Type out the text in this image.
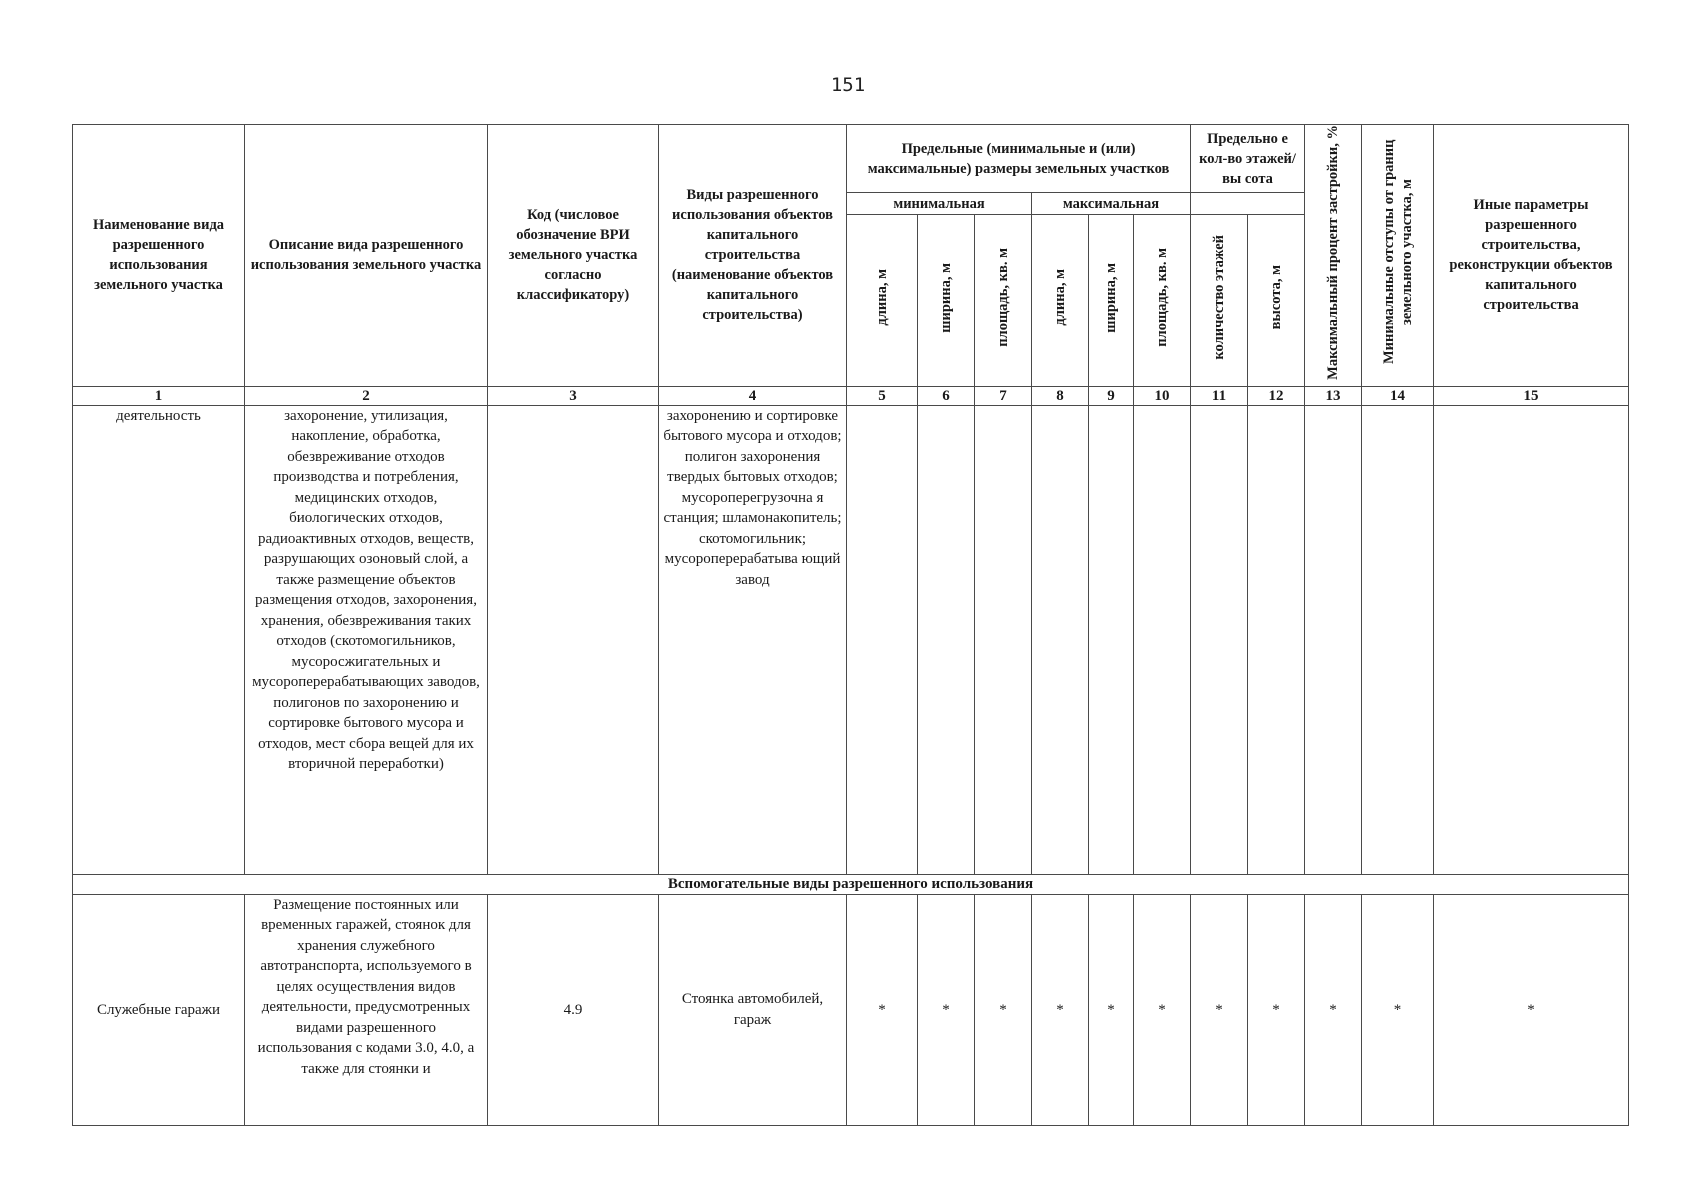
151
Наименование вида разрешенного использования земельного участка	Описание вида разрешенного использования земельного участка	Код (числовое обозначение ВРИ земельного участка согласно классификатору)	Виды разрешенного использования объектов капитального строительства (наименование объектов капитального строительства)	Предельные (минимальные и (или) максимальные) размеры земельных участков						Предельно е кол-во этажей/вы сота		Максимальный процент застройки, %	Минимальные отступы от границ земельного участка, м	Иные параметры разрешенного строительства, реконструкции объектов капитального строительства
				минимальная			максимальная							
				длина, м	ширина, м	площадь, кв. м	длина, м	ширина, м	площадь, кв. м	количество этажей	высота, м			
1	2	3	4	5	6	7	8	9	10	11	12	13	14	15
деятельность	захоронение, утилизация, накопление, обработка, обезвреживание отходов производства и потребления, медицинских отходов, биологических отходов, радиоактивных отходов, веществ, разрушающих озоновый слой, а также размещение объектов размещения отходов, захоронения, хранения, обезвреживания таких отходов (скотомогильников, мусоросжигательных и мусороперерабатывающих заводов, полигонов по захоронению и сортировке бытового мусора и отходов, мест сбора вещей для их вторичной переработки)		захоронению и сортировке бытового мусора и отходов; полигон захоронения твердых бытовых отходов; мусороперегрузочна я станция; шламонакопитель; скотомогильник; мусороперерабатыва ющий завод											
Вспомогательные виды разрешенного использования														
Служебные гаражи	Размещение постоянных или временных гаражей, стоянок для хранения служебного автотранспорта, используемого в целях осуществления видов деятельности, предусмотренных видами разрешенного использования с кодами 3.0, 4.0, а также для стоянки и	4.9	Стоянка автомобилей, гараж	*	*	*	*	*	*	*	*	*	*	*
